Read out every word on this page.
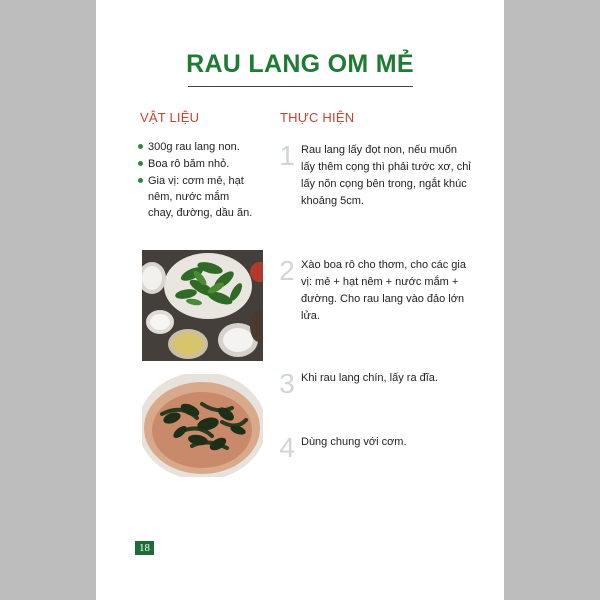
RAU LANG OM MẺ
VẬT LIỆU	THỰC HIỆN
300g rau lang non.
Boa rô băm nhỏ.
Gia vị: cơm mẻ, hạt nêm, nước mắm chay, đường, dầu ăn.
1 Rau lang lấy đọt non, nếu muốn lấy thêm cọng thì phải tước xơ, chỉ lấy nõn cọng bên trong, ngắt khúc khoảng 5cm.
2 Xào boa rô cho thơm, cho các gia vị: mẻ + hạt nêm + nước mắm + đường. Cho rau lang vào đảo lớn lửa.
3 Khi rau lang chín, lấy ra đĩa.
4 Dùng chung với cơm.
18
